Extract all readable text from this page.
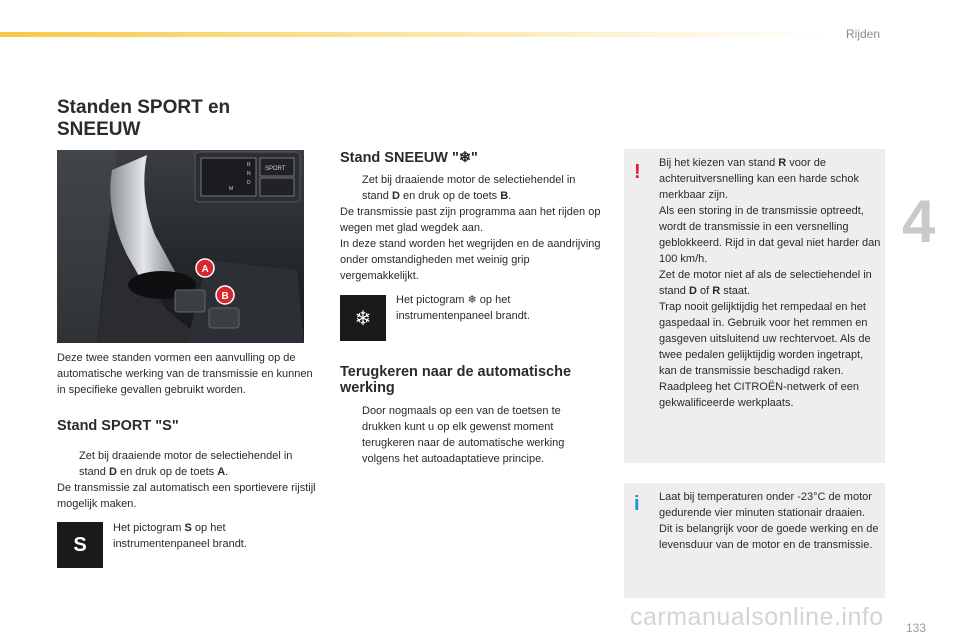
Rijden
4
Standen SPORT en
SNEEUW
SPORT
R
N
D
M
A
B

Deze twee standen vormen een aanvulling op de automatische werking van de transmissie en kunnen in specifieke gevallen gebruikt worden.

Stand SPORT "S"

Zet bij draaiende motor de selectiehendel in stand D en druk op de toets A.

De transmissie zal automatisch een sportievere rijstijl mogelijk maken.

S

Het pictogram S op het instrumentenpaneel brandt.

Stand SNEEUW "❄"

Zet bij draaiende motor de selectiehendel in stand D en druk op de toets B.

De transmissie past zijn programma aan het rijden op wegen met glad wegdek aan.

In deze stand worden het wegrijden en de aandrijving onder omstandigheden met weinig grip vergemakkelijkt.

❄

Het pictogram ❄ op het instrumentenpaneel brandt.

Terugkeren naar de automatische werking

Door nogmaals op een van de toetsen te drukken kunt u op elk gewenst moment terugkeren naar de automatische werking volgens het autoadaptatieve principe.

! Bij het kiezen van stand R voor de achteruitversnelling kan een harde schok merkbaar zijn.

Als een storing in de transmissie optreedt, wordt de transmissie in een versnelling geblokkeerd. Rijd in dat geval niet harder dan 100 km/h.

Zet de motor niet af als de selectiehendel in stand D of R staat.

Trap nooit gelijktijdig het rempedaal en het gaspedaal in. Gebruik voor het remmen en gasgeven uitsluitend uw rechtervoet. Als de twee pedalen gelijktijdig worden ingetrapt, kan de transmissie beschadigd raken.

Raadpleeg het CITROËN-netwerk of een gekwalificeerde werkplaats.

i Laat bij temperaturen onder -23°C de motor gedurende vier minuten stationair draaien. Dit is belangrijk voor de goede werking en de levensduur van de motor en de transmissie.

carmanualsonline.info 133
